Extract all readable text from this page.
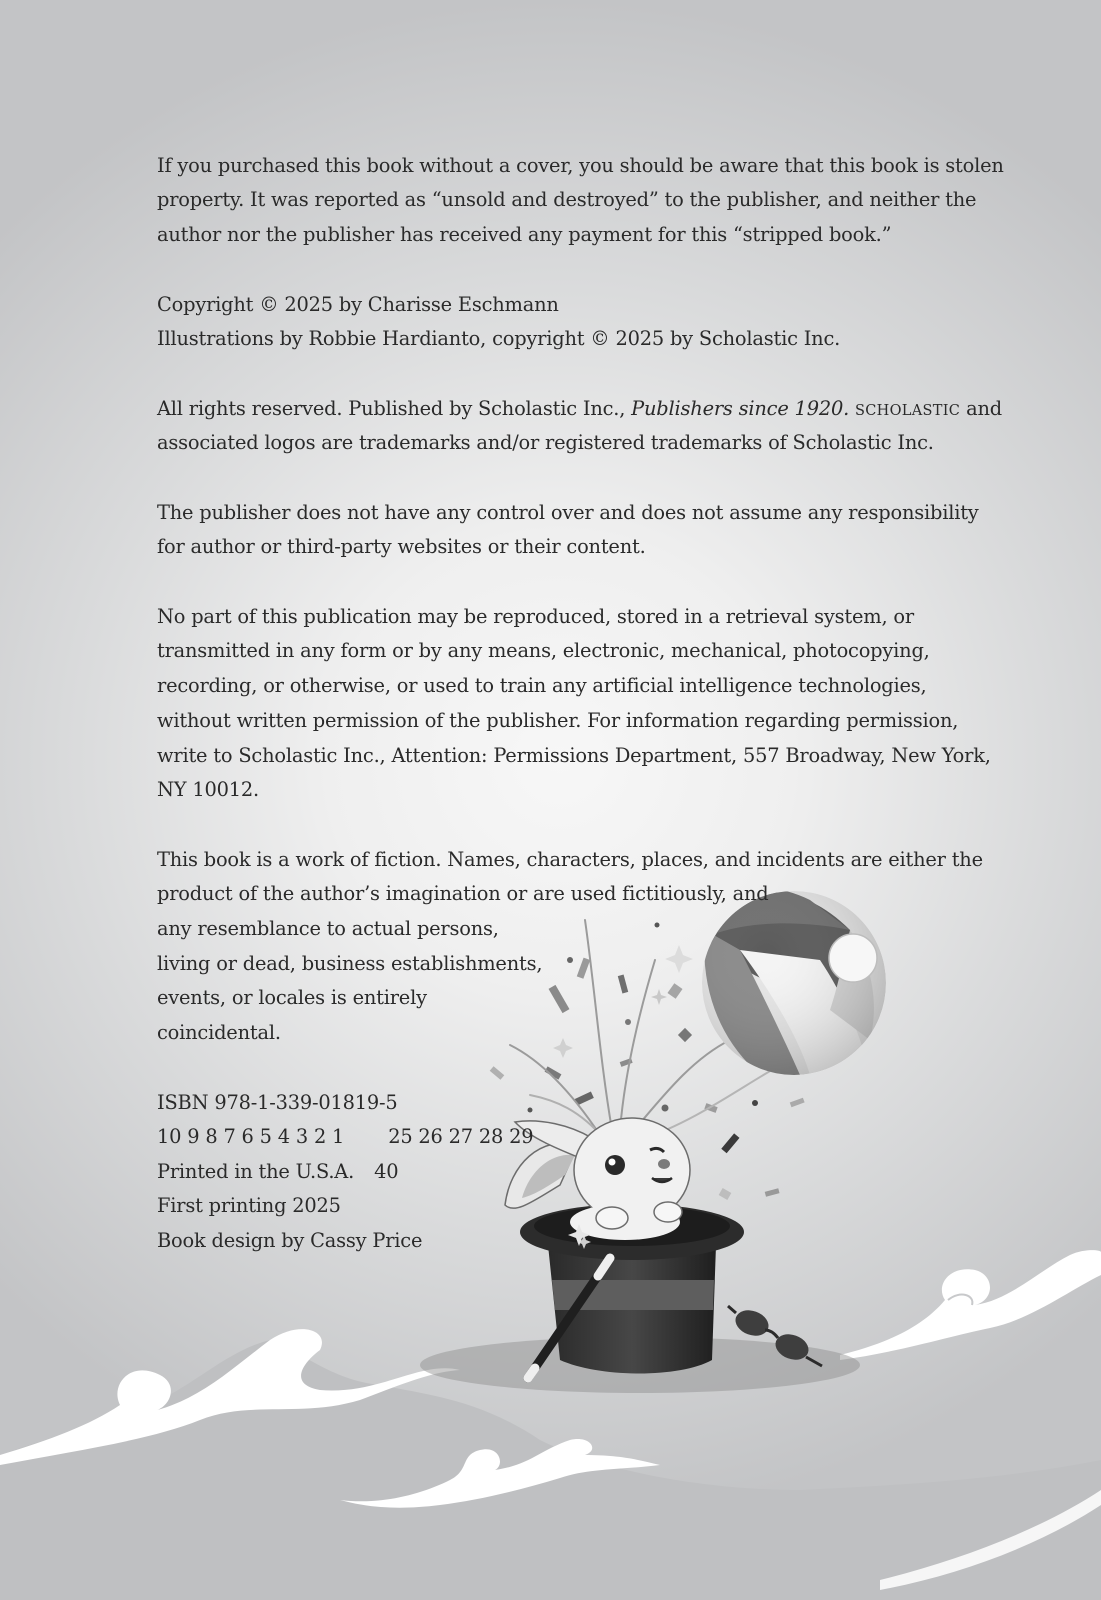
If you purchased this book without a cover, you should be aware that this book is stolen
property. It was reported as “unsold and destroyed” to the publisher, and neither the
author nor the publisher has received any payment for this “stripped book.”
Copyright © 2025 by Charisse Eschmann
Illustrations by Robbie Hardianto, copyright © 2025 by Scholastic Inc.
All rights reserved. Published by Scholastic Inc., Publishers since 1920. SCHOLASTIC and
associated logos are trademarks and/or registered trademarks of Scholastic Inc.
The publisher does not have any control over and does not assume any responsibility
for author or third-party websites or their content.
No part of this publication may be reproduced, stored in a retrieval system, or
transmitted in any form or by any means, electronic, mechanical, photocopying,
recording, or otherwise, or used to train any artificial intelligence technologies,
without written permission of the publisher. For information regarding permission,
write to Scholastic Inc., Attention: Permissions Department, 557 Broadway, New York,
NY 10012.
This book is a work of fiction. Names, characters, places, and incidents are either the
product of the author’s imagination or are used fictitiously, and
any resemblance to actual persons,
living or dead, business establishments,
events, or locales is entirely
coincidental.
ISBN 978-1-339-01819-5
10 9 8 7 6 5 4 3 2 1 25 26 27 28 29
Printed in the U.S.A. 40
First printing 2025
Book design by Cassy Price
